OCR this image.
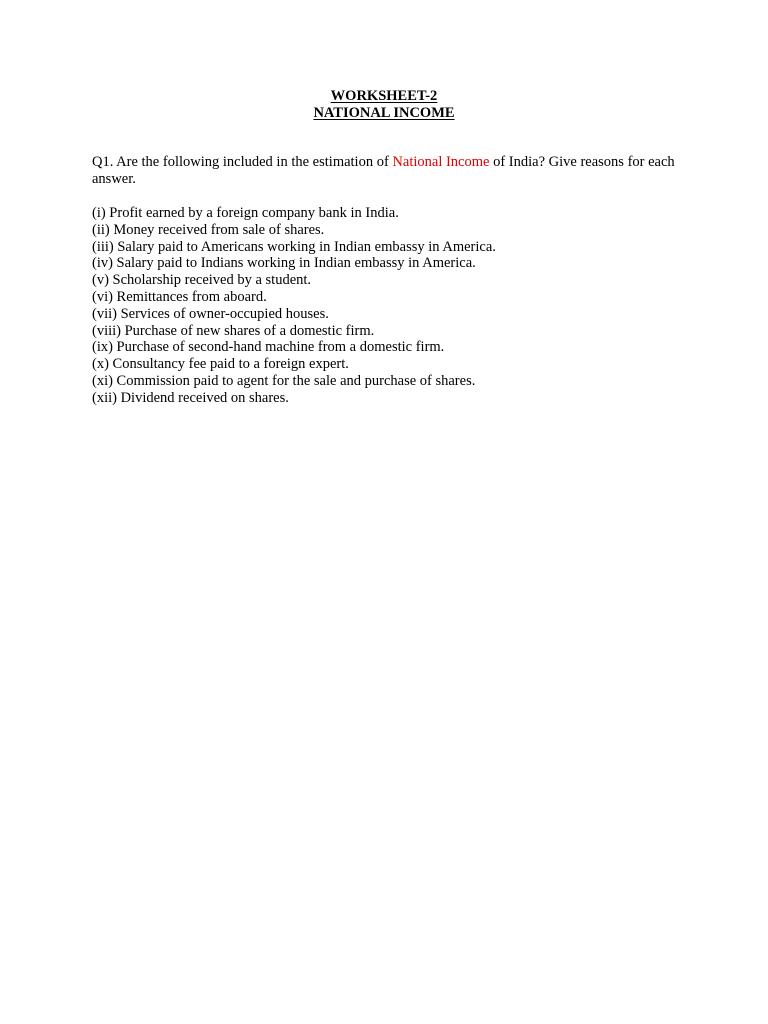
WORKSHEET-2
NATIONAL INCOME
Q1. Are the following included in the estimation of National Income of India? Give reasons for each answer.
(i) Profit earned by a foreign company bank in India.
(ii) Money received from sale of shares.
(iii) Salary paid to Americans working in Indian embassy in America.
(iv) Salary paid to Indians working in Indian embassy in America.
(v) Scholarship received by a student.
(vi) Remittances from aboard.
(vii) Services of owner-occupied houses.
(viii) Purchase of new shares of a domestic firm.
(ix) Purchase of second-hand machine from a domestic firm.
(x) Consultancy fee paid to a foreign expert.
(xi) Commission paid to agent for the sale and purchase of shares.
(xii) Dividend received on shares.
